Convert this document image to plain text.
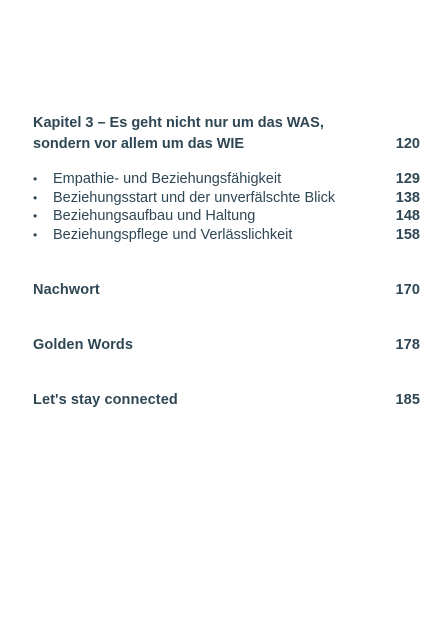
Kapitel 3 – Es geht nicht nur um das WAS,
sondern vor allem um das WIE	120
•	Empathie- und Beziehungsfähigkeit	129
•	Beziehungsstart und der unverfälschte Blick	138
•	Beziehungsaufbau und Haltung	148
•	Beziehungspflege und Verlässlichkeit	158
Nachwort	170
Golden Words	178
Let's stay connected	185
